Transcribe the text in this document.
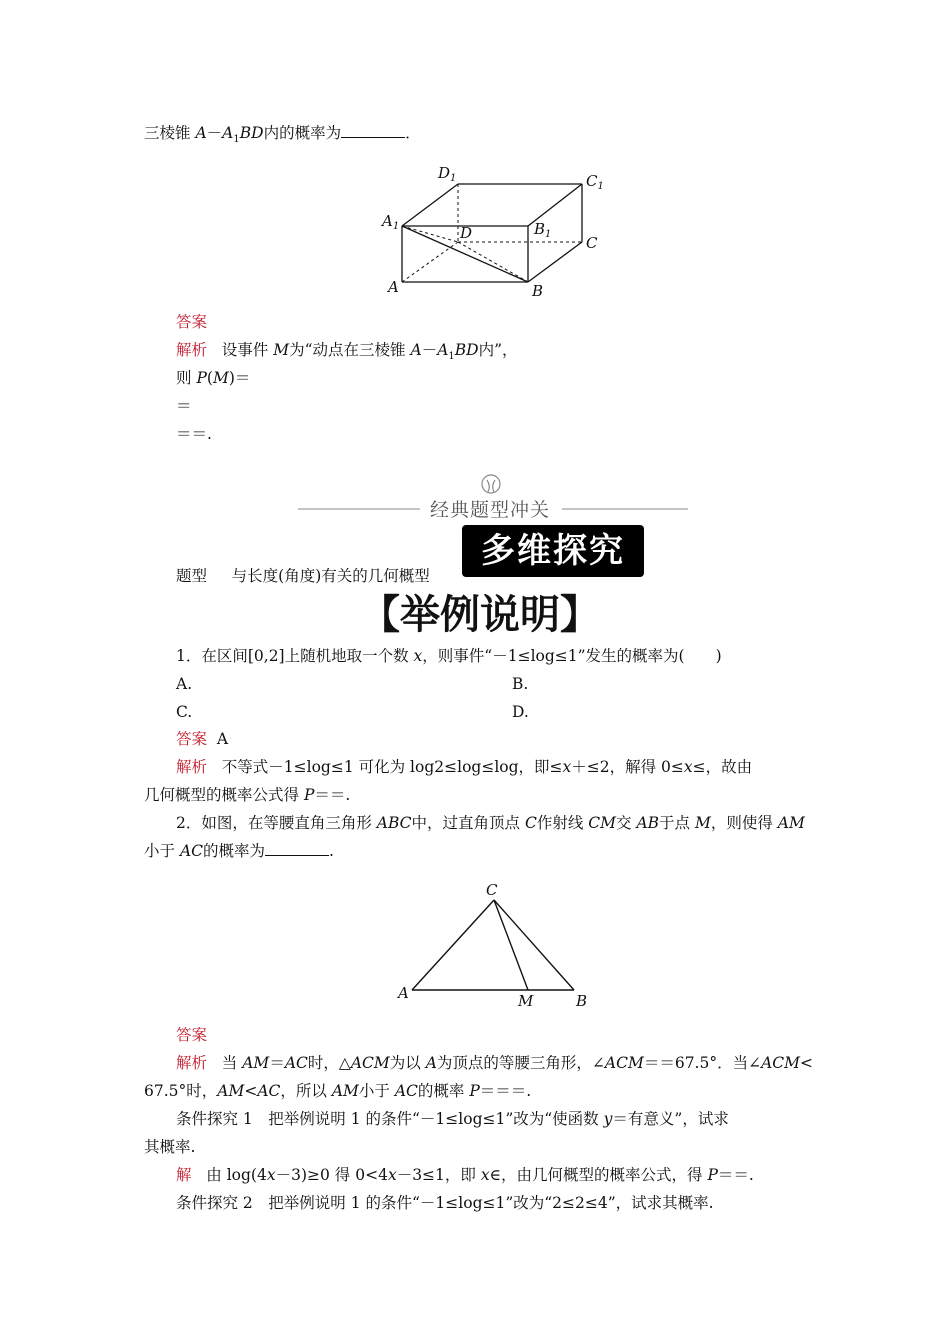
三棱锥 $A-A_1BD$内的概率为	．
$D_1$	$C_1$
$A_1$	D	$B_1$ C
A	B
答案
解析 设事件 M为“动点在三棱锥 $A-A_1BD$内”，
则 P(M)＝
＝
＝＝.
经典题型冲关
多维探究
题型 与长度(角度)有关的几何概型
【举例说明】
1．在区间[0,2]上随机地取一个数 x，则事件“－1≤log≤1”发生的概率为(　　)
A.	B.
C.	D.
答案 A
解析 不等式－1≤log≤1 可化为 log2≤log≤log，即≤x＋≤2，解得 0≤x≤，故由
几何概型的概率公式得 P＝＝.
2．如图，在等腰直角三角形 ABC中，过直角顶点 C作射线 CM交 AB于点 M，则使得 AM
小于 AC的概率为	.
C
A	M	B
答案
解析 当 AM＝AC时，△ACM为以 A为顶点的等腰三角形，∠ACM＝＝67.5°．当∠ACM<
67.5°时，AM<AC，所以 AM小于 AC的概率 P＝＝＝.
条件探究 1　把举例说明 1 的条件“－1≤log≤1”改为“使函数 y＝有意义”，试求
其概率.
解 由 log(4x－3)≥0 得 0<4x－3≤1，即 x∈，由几何概型的概率公式，得 P＝＝.
条件探究 2　把举例说明 1 的条件“－1≤log≤1”改为“2≤2≤4”，试求其概率.
